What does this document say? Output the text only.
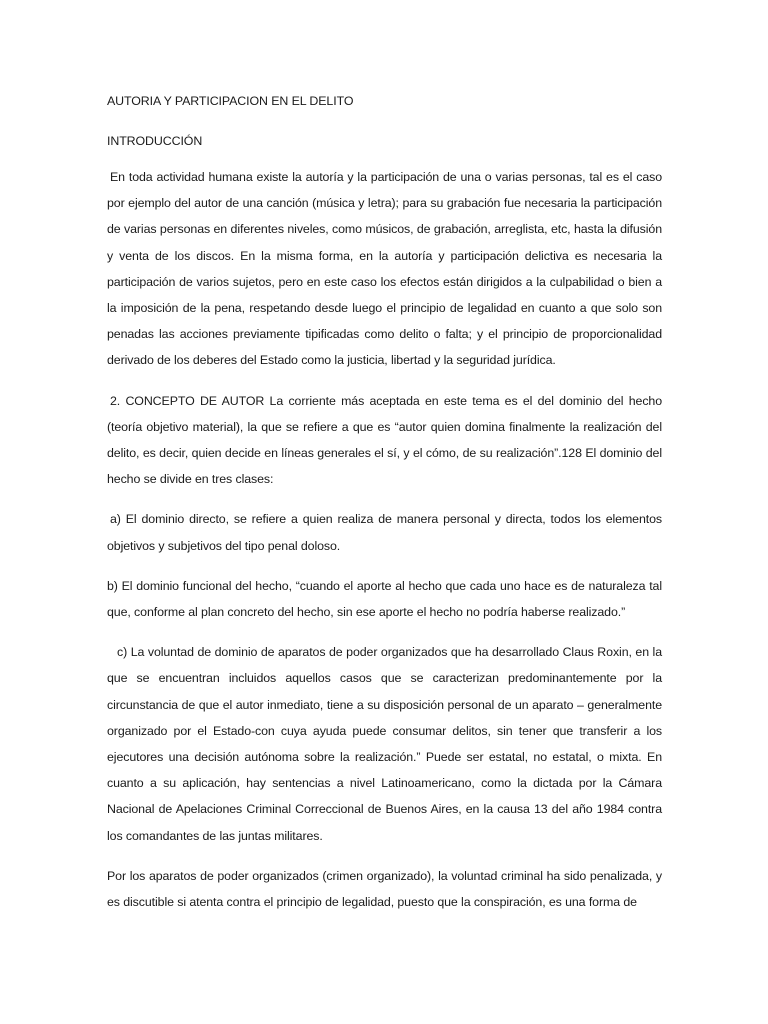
AUTORIA Y PARTICIPACION EN EL DELITO
INTRODUCCIÓN

En toda actividad humana existe la autoría y la participación de una o varias personas, tal es el caso por ejemplo del autor de una canción (música y letra); para su grabación fue necesaria la participación de varias personas en diferentes niveles, como músicos, de grabación, arreglista, etc, hasta la difusión y venta de los discos. En la misma forma, en la autoría y participación delictiva es necesaria la participación de varios sujetos, pero en este caso los efectos están dirigidos a la culpabilidad o bien a la imposición de la pena, respetando desde luego el principio de legalidad en cuanto a que solo son penadas las acciones previamente tipificadas como delito o falta; y el principio de proporcionalidad derivado de los deberes del Estado como la justicia, libertad y la seguridad jurídica.

2. CONCEPTO DE AUTOR La corriente más aceptada en este tema es el del dominio del hecho (teoría objetivo material), la que se refiere a que es “autor quien domina finalmente la realización del delito, es decir, quien decide en líneas generales el sí, y el cómo, de su realización”.128 El dominio del hecho se divide en tres clases:

a) El dominio directo, se refiere a quien realiza de manera personal y directa, todos los elementos objetivos y subjetivos del tipo penal doloso.

b) El dominio funcional del hecho, “cuando el aporte al hecho que cada uno hace es de naturaleza tal que, conforme al plan concreto del hecho, sin ese aporte el hecho no podría haberse realizado.”

c) La voluntad de dominio de aparatos de poder organizados que ha desarrollado Claus Roxin, en la que se encuentran incluidos aquellos casos que se caracterizan predominantemente por la circunstancia de que el autor inmediato, tiene a su disposición personal de un aparato – generalmente organizado por el Estado-con cuya ayuda puede consumar delitos, sin tener que transferir a los ejecutores una decisión autónoma sobre la realización.” Puede ser estatal, no estatal, o mixta. En cuanto a su aplicación, hay sentencias a nivel Latinoamericano, como la dictada por la Cámara Nacional de Apelaciones Criminal Correccional de Buenos Aires, en la causa 13 del año 1984 contra los comandantes de las juntas militares.

Por los aparatos de poder organizados (crimen organizado), la voluntad criminal ha sido penalizada, y es discutible si atenta contra el principio de legalidad, puesto que la conspiración, es una forma de
